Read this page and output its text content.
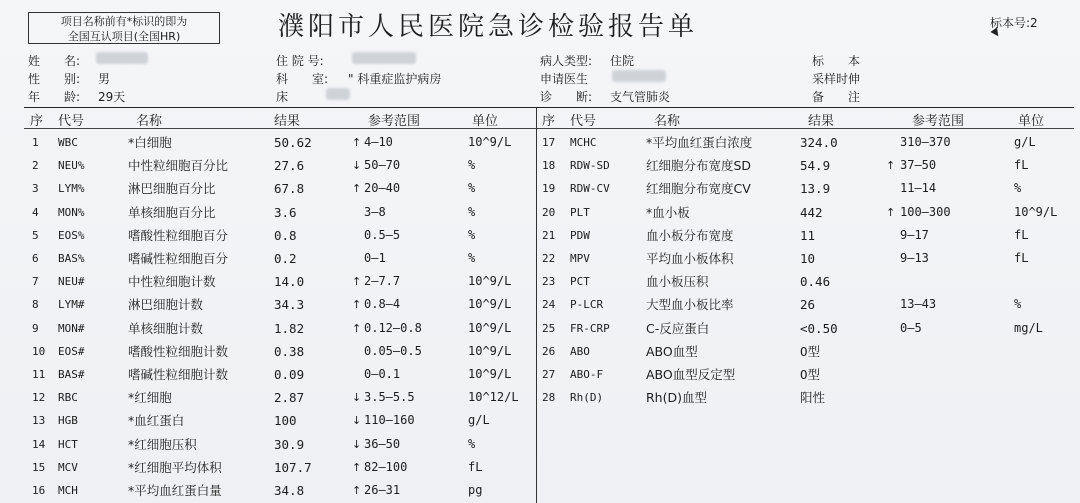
项目名称前有*标识的即为
全国互认项目(全国HR)	濮阳市人民医院急诊检验报告单	标本号:2
姓　　名:
性　　别: 男
年　　龄: 29天
住 院 号:
科　　室: " 科重症监护病房
床　　
病人类型: 住院
申请医生
诊　　断: 支气管肺炎
标　　本
采样时伸
备　　注
序 代号	名称	结果	参考范围	单位	序 代号	名称	结果	参考范围	单位
1 WBC	*白细胞	50.62	↑ 4—10	10^9/L
2 NEU%	中性粒细胞百分比	27.6	↓ 50—70	%
3 LYM%	淋巴细胞百分比	67.8	↑ 20—40	%
4 MON%	单核细胞百分比	3.6	3—8	%
5 EOS%	嗜酸性粒细胞百分	0.8	0.5—5	%
6 BAS%	嗜碱性粒细胞百分	0.2	0—1	%
7 NEU#	中性粒细胞计数	14.0	↑ 2—7.7	10^9/L
8 LYM#	淋巴细胞计数	34.3	↑ 0.8—4	10^9/L
9 MON#	单核细胞计数	1.82	↑ 0.12—0.8	10^9/L
10 EOS#	嗜酸性粒细胞计数	0.38	0.05—0.5	10^9/L
11 BAS#	嗜碱性粒细胞计数	0.09	0—0.1	10^9/L
12 RBC	*红细胞	2.87	↓ 3.5—5.5	10^12/L
13 HGB	*血红蛋白	100	↓ 110—160	g/L
14 HCT	*红细胞压积	30.9	↓ 36—50	%
15 MCV	*红细胞平均体积	107.7	↑ 82—100	fL
16 MCH	*平均血红蛋白量	34.8	↑ 26—31	pg
17 MCHC	*平均血红蛋白浓度	324.0	310—370	g/L
18 RDW-SD	红细胞分布宽度SD	54.9	↑ 37—50	fL
19 RDW-CV	红细胞分布宽度CV	13.9	11—14	%
20 PLT	*血小板	442	↑ 100—300	10^9/L
21 PDW	血小板分布宽度	11	9—17	fL
22 MPV	平均血小板体积	10	9—13	fL
23 PCT	血小板压积	0.46
24 P-LCR	大型血小板比率	26	13—43	%
25 FR-CRP	C-反应蛋白	<0.50	0—5	mg/L
26 ABO	ABO血型	O型
27 ABO-F	ABO血型反定型	O型
28 Rh(D)	Rh(D)血型	阳性
